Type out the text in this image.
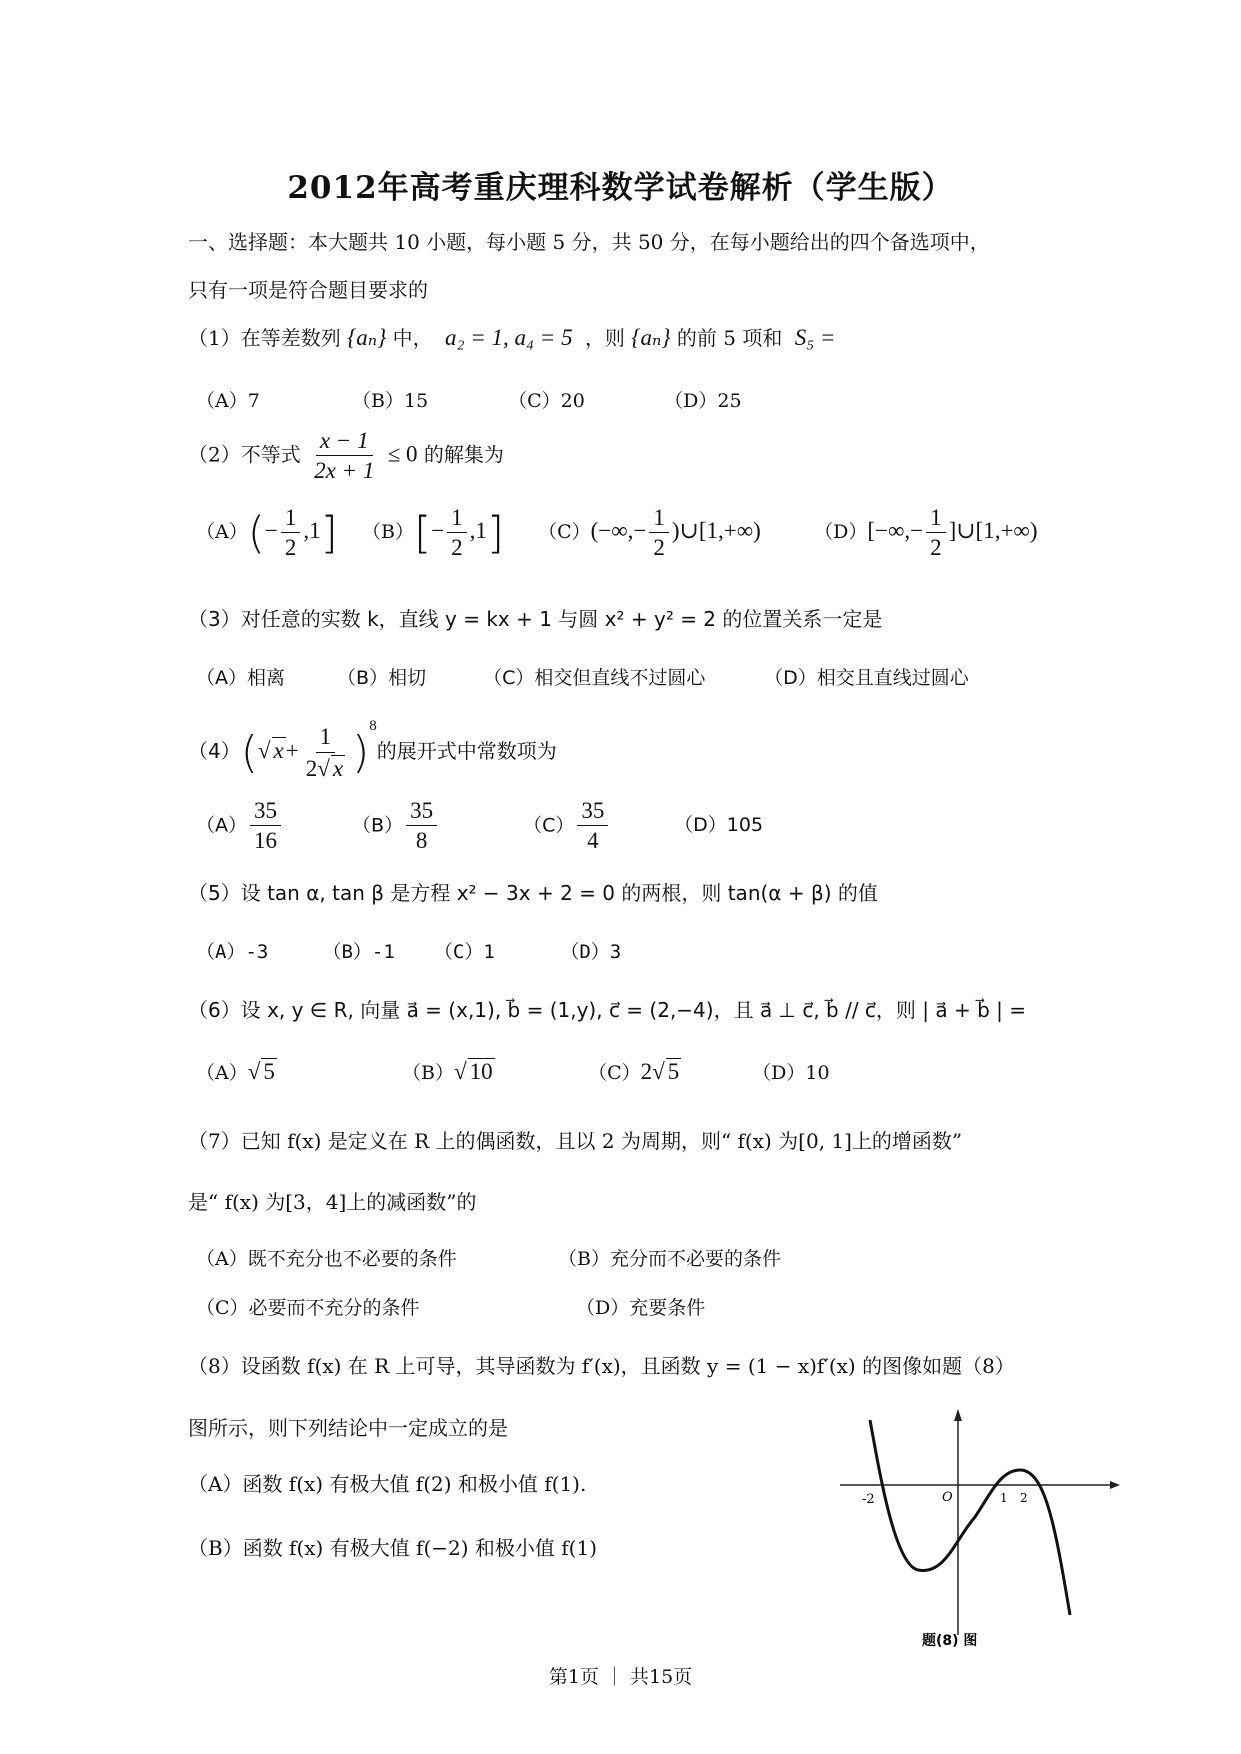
2012年高考重庆理科数学试卷解析（学生版）
一、选择题：本大题共 10 小题，每小题 5 分，共 50 分，在每小题给出的四个备选项中，
只有一项是符合题目要求的
（1）在等差数列 {aₙ} 中， a₂ = 1, a₄ = 5 ，则 {aₙ} 的前 5 项和 S₅ =
（A）7	（B）15	（C）20	（D）25
（2）不等式 $\frac{x - 1}{2x + 1} \le 0$ 的解集为
$(A)(- \frac{1}{2} ,1]$ $(B)[- \frac{1}{2} ,1]$ $(C)(-\infty,- \frac{1}{2}$ )∪[1,+∞)	$(D)[-\infty,- \frac{1}{2}$ ]∪[1,+∞)
（3）对任意的实数 k，直线 y = kx + 1 与圆 x² + y² = 2 的位置关系一定是
（A）相离	（B）相切	（C）相交但直线不过圆心	（D）相交且直线过圆心
（4）(√ $x+ \frac{1}{2√ x} )^8$的展开式中常数项为
$(A) \frac{35}{16}$	$(B) \frac{35}{8}$	$(C) \frac{35}{4}$	（D）105
（5）设 tan α, tan β 是方程 x² − 3x + 2 = 0 的两根，则 tan(α + β) 的值
（A）-3	（B）-1 （C）1	（D）3
（6）设 x, y ∈ R, 向量 a⃗ = (x,1), b⃗ = (1,y), c⃗ = (2,−4)，且 a⃗ ⊥ c⃗, b⃗ // c⃗，则 | a⃗ + b⃗ | =
（A）√ 5	（B）√ 10	（C）2√ 5	（D）10
（7）已知 f(x) 是定义在 R 上的偶函数，且以 2 为周期，则“ f(x) 为[0, 1]上的增函数”
是“ f(x) 为[3，4]上的减函数”的
（A）既不充分也不必要的条件	（B）充分而不必要的条件
（C）必要而不充分的条件	（D）充要条件
（8）设函数 f(x) 在 R 上可导，其导函数为 f′(x)，且函数 y = (1 − x)f′(x) 的图像如题（8）
图所示，则下列结论中一定成立的是
（A）函数 f(x) 有极大值 f(2) 和极小值 f(1).
（B）函数 f(x) 有极大值 f(−2) 和极小值 f(1)
-2	O	1 2
题(8) 图
第1页 ｜ 共15页
